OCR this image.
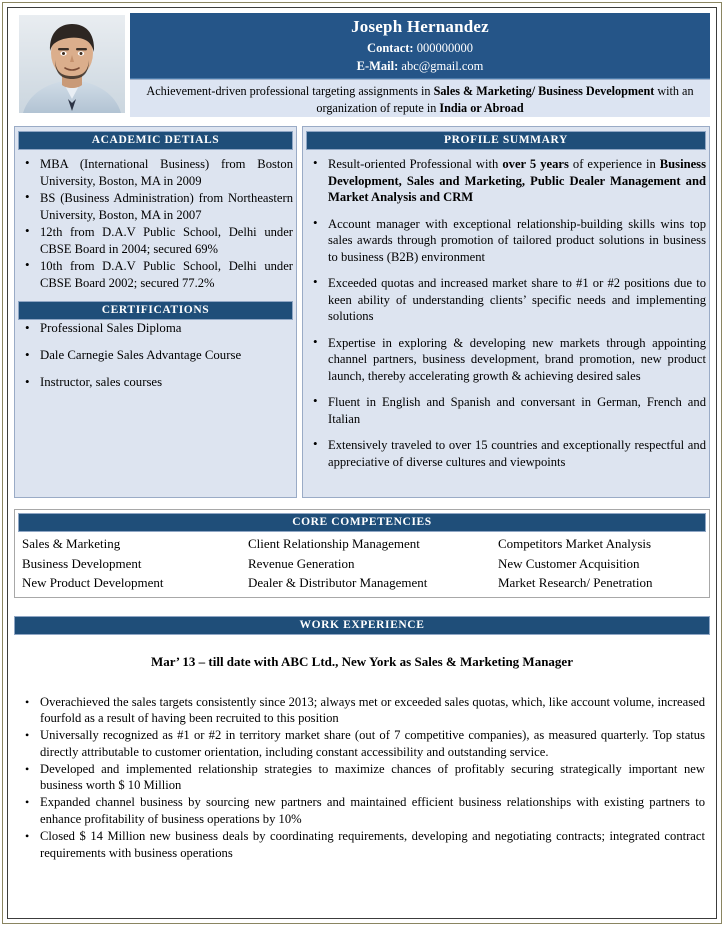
Joseph Hernandez
Contact: 000000000
E-Mail: abc@gmail.com
Achievement-driven professional targeting assignments in Sales & Marketing/ Business Development with an organization of repute in India or Abroad
ACADEMIC DETIALS
• MBA (International Business) from Boston University, Boston, MA in 2009
• BS (Business Administration) from Northeastern University, Boston, MA in 2007
• 12th from D.A.V Public School, Delhi under CBSE Board in 2004; secured 69%
• 10th from D.A.V Public School, Delhi under CBSE Board 2002; secured 77.2%
CERTIFICATIONS
• Professional Sales Diploma
• Dale Carnegie Sales Advantage Course
• Instructor, sales courses
PROFILE SUMMARY
• Result-oriented Professional with over 5 years of experience in Business Development, Sales and Marketing, Public Dealer Management and Market Analysis and CRM
• Account manager with exceptional relationship-building skills wins top sales awards through promotion of tailored product solutions in business to business (B2B) environment
• Exceeded quotas and increased market share to #1 or #2 positions due to keen ability of understanding clients’ specific needs and implementing solutions
• Expertise in exploring & developing new markets through appointing channel partners, business development, brand promotion, new product launch, thereby accelerating growth & achieving desired sales
• Fluent in English and Spanish and conversant in German, French and Italian
• Extensively traveled to over 15 countries and exceptionally respectful and appreciative of diverse cultures and viewpoints
CORE COMPETENCIES
Sales & Marketing
Business Development
New Product Development
Client Relationship Management
Revenue Generation
Dealer & Distributor Management
Competitors Market Analysis
New Customer Acquisition
Market Research/ Penetration
WORK EXPERIENCE
Mar’ 13 – till date with ABC Ltd., New York as Sales & Marketing Manager
• Overachieved the sales targets consistently since 2013; always met or exceeded sales quotas, which, like account volume, increased fourfold as a result of having been recruited to this position
• Universally recognized as #1 or #2 in territory market share (out of 7 competitive companies), as measured quarterly. Top status directly attributable to customer orientation, including constant accessibility and outstanding service.
• Developed and implemented relationship strategies to maximize chances of profitably securing strategically important new business worth $ 10 Million
• Expanded channel business by sourcing new partners and maintained efficient business relationships with existing partners to enhance profitability of business operations by 10%
• Closed $ 14 Million new business deals by coordinating requirements, developing and negotiating contracts; integrated contract requirements with business operations
